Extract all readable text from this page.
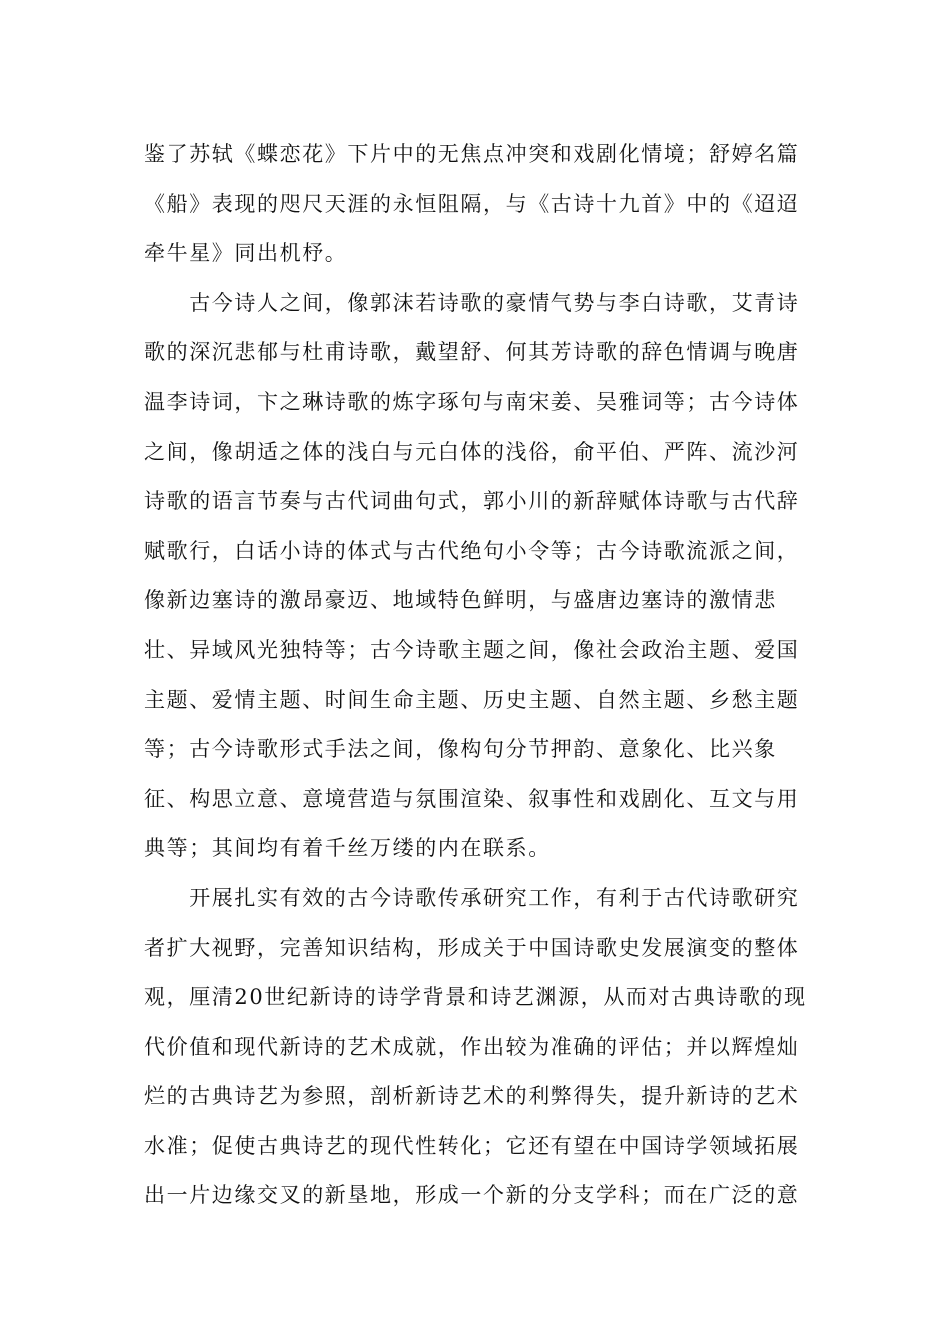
鉴了苏轼《蝶恋花》下片中的无焦点冲突和戏剧化情境；舒婷名篇
《船》表现的咫尺天涯的永恒阻隔，与《古诗十九首》中的《迢迢
牵牛星》同出机杼。
　　古今诗人之间，像郭沫若诗歌的豪情气势与李白诗歌，艾青诗
歌的深沉悲郁与杜甫诗歌，戴望舒、何其芳诗歌的辞色情调与晚唐
温李诗词，卞之琳诗歌的炼字琢句与南宋姜、吴雅词等；古今诗体
之间，像胡适之体的浅白与元白体的浅俗，俞平伯、严阵、流沙河
诗歌的语言节奏与古代词曲句式，郭小川的新辞赋体诗歌与古代辞
赋歌行，白话小诗的体式与古代绝句小令等；古今诗歌流派之间，
像新边塞诗的激昂豪迈、地域特色鲜明，与盛唐边塞诗的激情悲
壮、异域风光独特等；古今诗歌主题之间，像社会政治主题、爱国
主题、爱情主题、时间生命主题、历史主题、自然主题、乡愁主题
等；古今诗歌形式手法之间，像构句分节押韵、意象化、比兴象
征、构思立意、意境营造与氛围渲染、叙事性和戏剧化、互文与用
典等；其间均有着千丝万缕的内在联系。
　　开展扎实有效的古今诗歌传承研究工作，有利于古代诗歌研究
者扩大视野，完善知识结构，形成关于中国诗歌史发展演变的整体
观，厘清20世纪新诗的诗学背景和诗艺渊源，从而对古典诗歌的现
代价值和现代新诗的艺术成就，作出较为准确的评估；并以辉煌灿
烂的古典诗艺为参照，剖析新诗艺术的利弊得失，提升新诗的艺术
水准；促使古典诗艺的现代性转化；它还有望在中国诗学领域拓展
出一片边缘交叉的新垦地，形成一个新的分支学科；而在广泛的意
